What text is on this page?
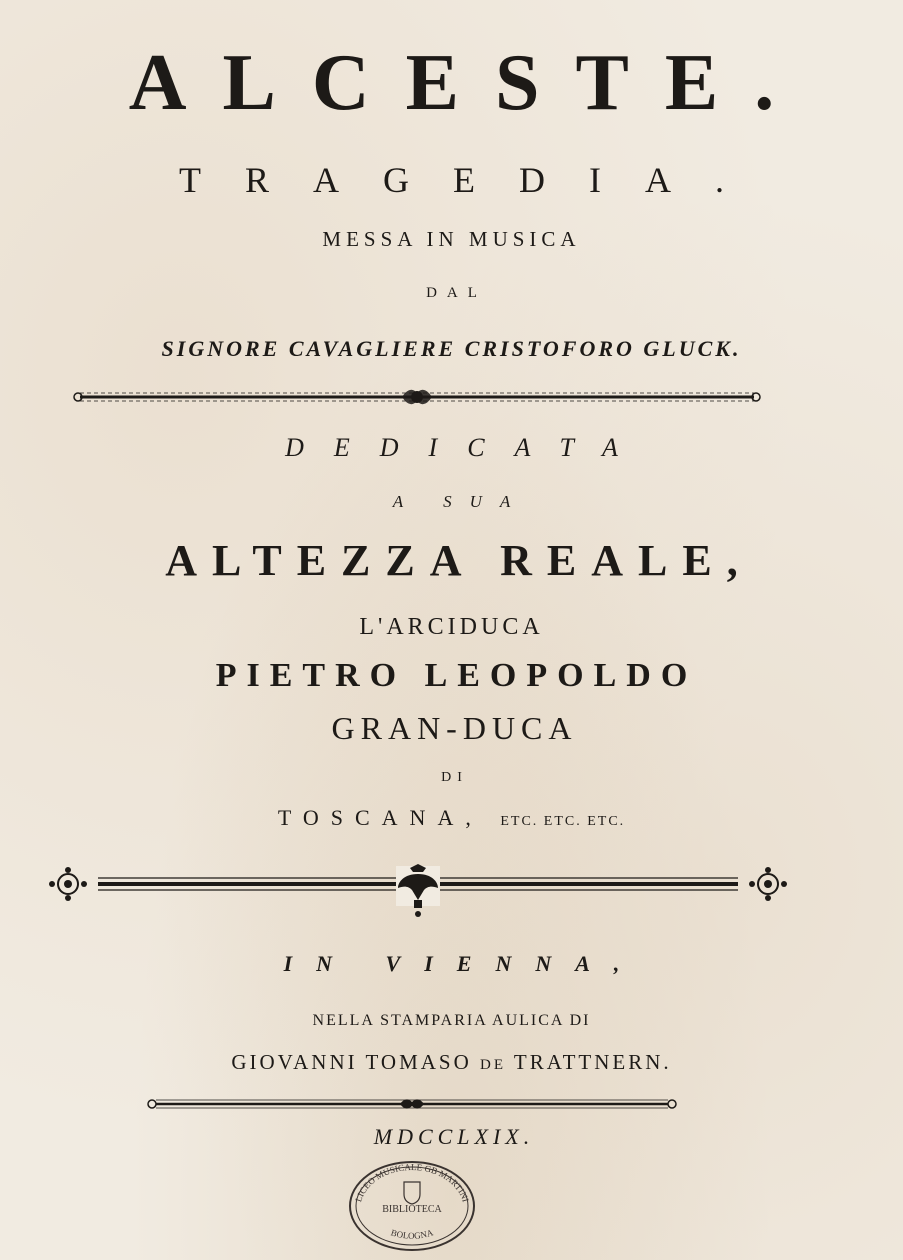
ALCESTE.
TRAGEDIA.
MESSA IN MUSICA
DAL
SIGNORE CAVAGLIERE CRISTOFORO GLUCK.
DEDICATA
A SUA
ALTEZZA REALE,
L'ARCIDUCA
PIETRO LEOPOLDO
GRAN-DUCA
DI
TOSCANA, ETC. ETC. ETC.
IN VIENNA,
NELLA STAMPARIA AULICA DI
GIOVANNI TOMASO DE TRATTNERN.
MDCCLXIX.
LICEO MUSICALE GB MARTINI
BIBLIOTECA
BOLOGNA
